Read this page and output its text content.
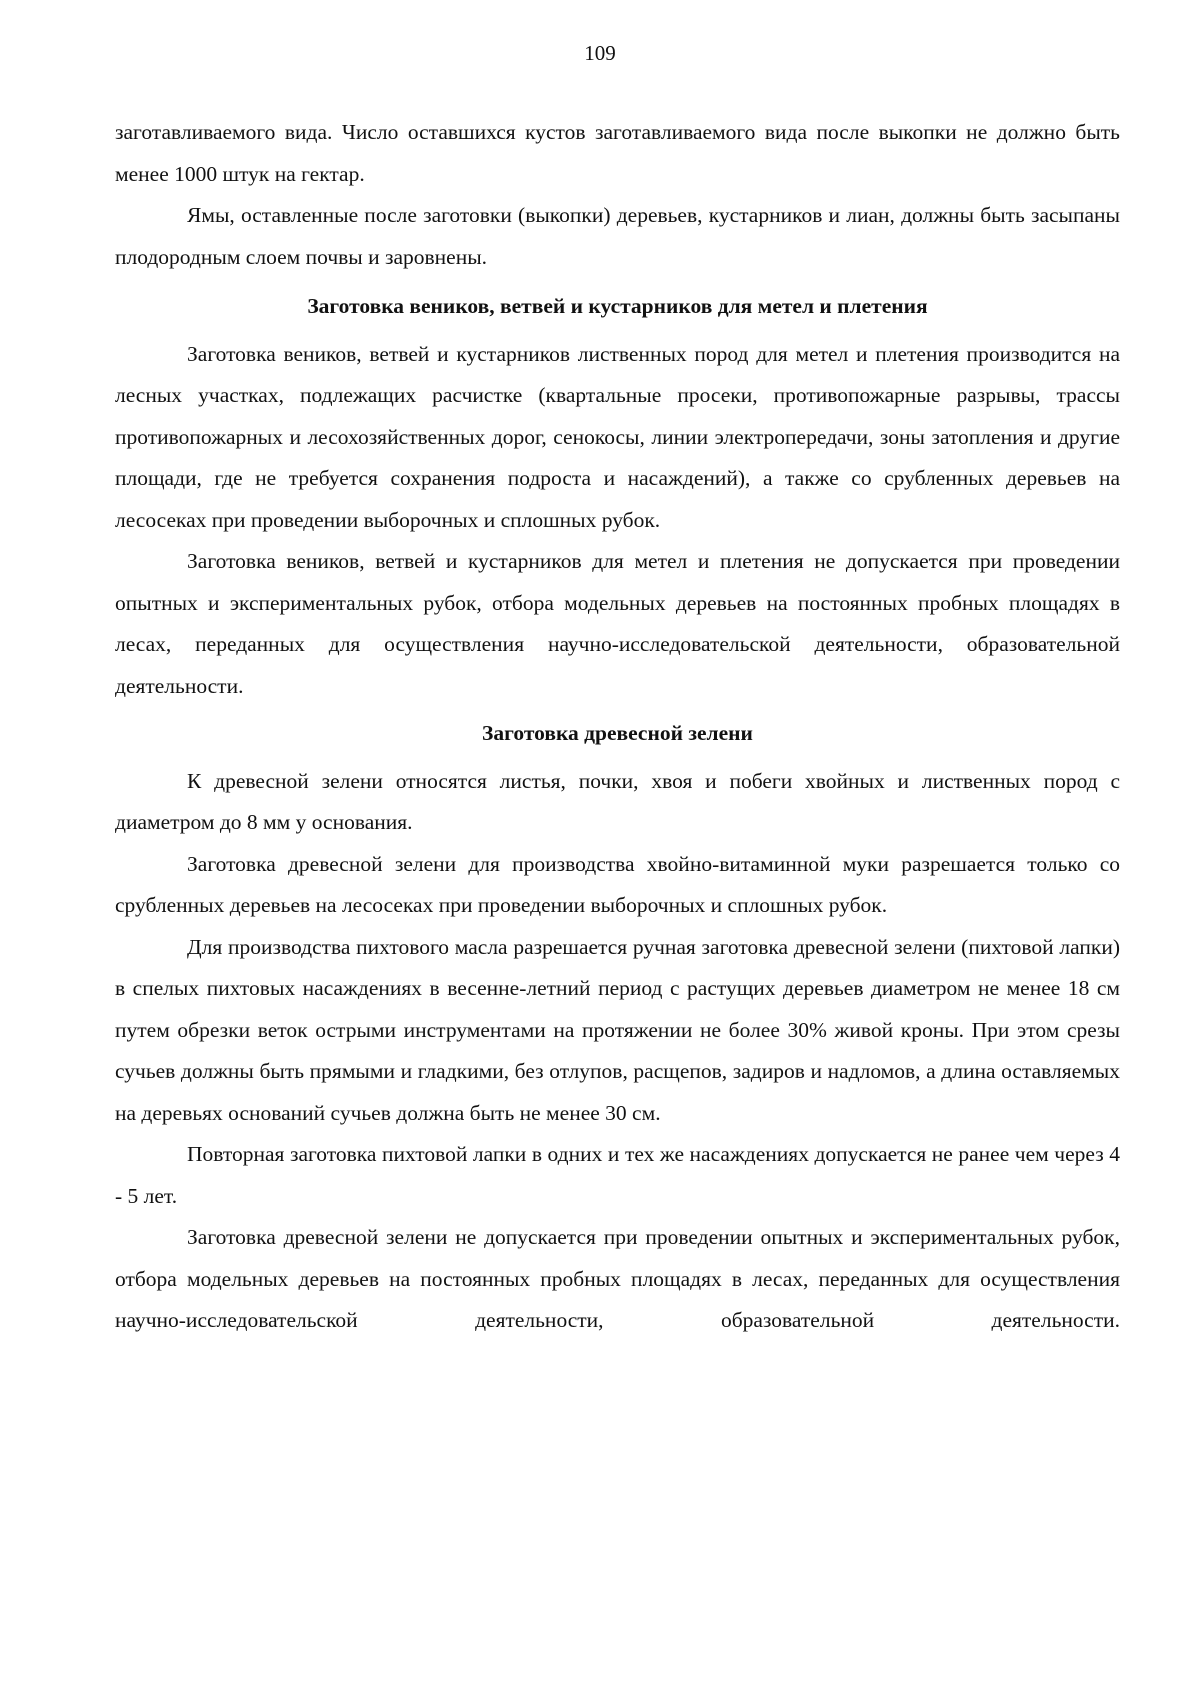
109

заготавливаемого вида. Число оставшихся кустов заготавливаемого вида после выкопки не должно быть менее 1000 штук на гектар.

Ямы, оставленные после заготовки (выкопки) деревьев, кустарников и лиан, должны быть засыпаны плодородным слоем почвы и заровнены.

Заготовка веников, ветвей и кустарников для метел и плетения

Заготовка веников, ветвей и кустарников лиственных пород для метел и плетения производится на лесных участках, подлежащих расчистке (квартальные просеки, противопожарные разрывы, трассы противопожарных и лесохозяйственных дорог, сенокосы, линии электропередачи, зоны затопления и другие площади, где не требуется сохранения подроста и насаждений), а также со срубленных деревьев на лесосеках при проведении выборочных и сплошных рубок.

Заготовка веников, ветвей и кустарников для метел и плетения не допускается при проведении опытных и экспериментальных рубок, отбора модельных деревьев на постоянных пробных площадях в лесах, переданных для осуществления научно-исследовательской деятельности, образовательной деятельности.

Заготовка древесной зелени

К древесной зелени относятся листья, почки, хвоя и побеги хвойных и лиственных пород с диаметром до 8 мм у основания.

Заготовка древесной зелени для производства хвойно-витаминной муки разрешается только со срубленных деревьев на лесосеках при проведении выборочных и сплошных рубок.

Для производства пихтового масла разрешается ручная заготовка древесной зелени (пихтовой лапки) в спелых пихтовых насаждениях в весенне-летний период с растущих деревьев диаметром не менее 18 см путем обрезки веток острыми инструментами на протяжении не более 30% живой кроны. При этом срезы сучьев должны быть прямыми и гладкими, без отлупов, расщепов, задиров и надломов, а длина оставляемых на деревьях оснований сучьев должна быть не менее 30 см.

Повторная заготовка пихтовой лапки в одних и тех же насаждениях допускается не ранее чем через 4 - 5 лет.

Заготовка древесной зелени не допускается при проведении опытных и экспериментальных рубок, отбора модельных деревьев на постоянных пробных площадях в лесах, переданных для осуществления научно-исследовательской деятельности, образовательной деятельности.
